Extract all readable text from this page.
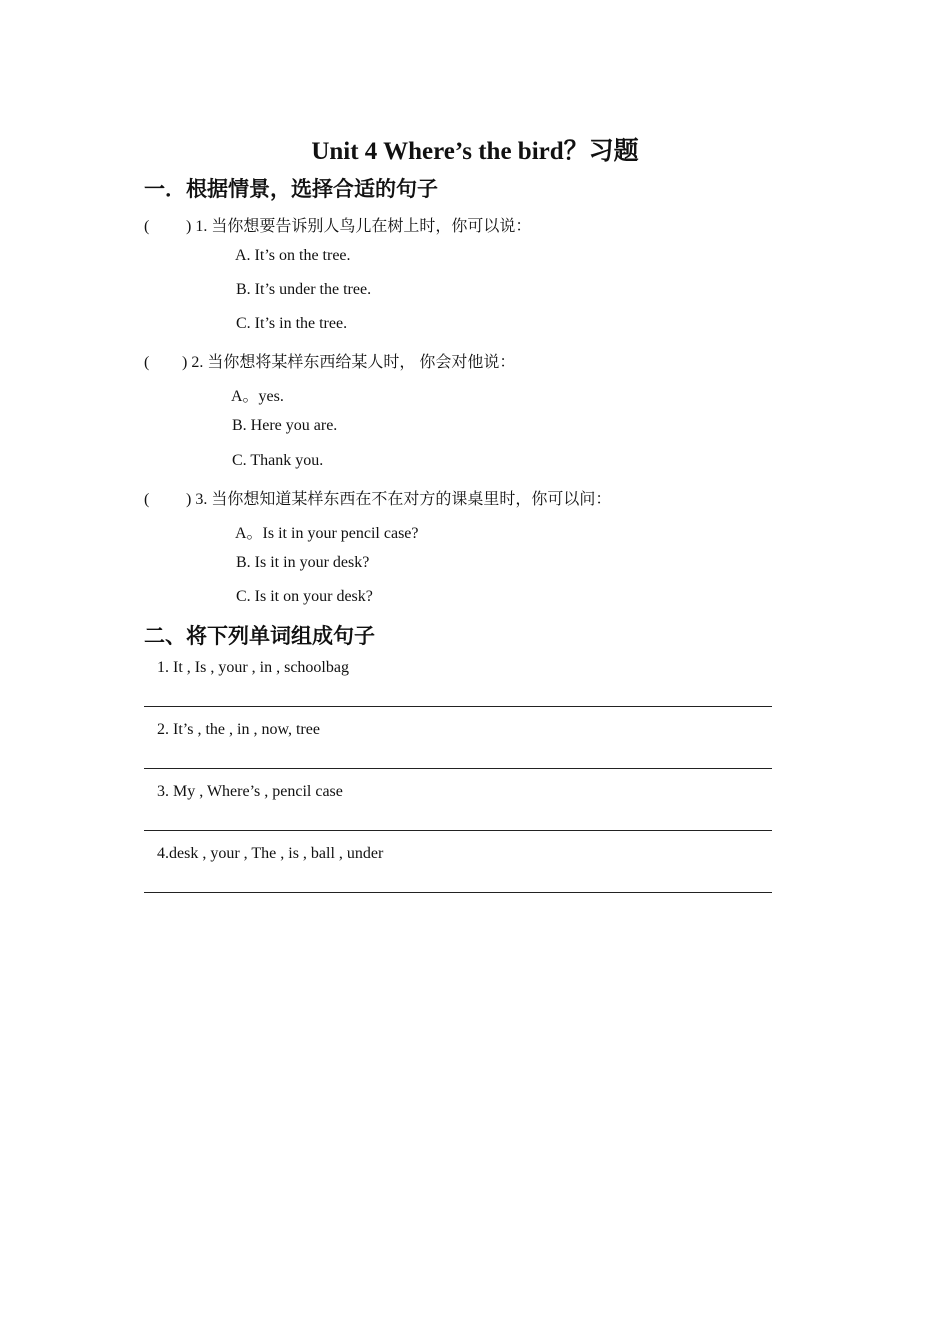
Unit 4 Where’s the bird？习题
一．根据情景，选择合适的句子
( ) 1. 当你想要告诉别人鸟儿在树上时，你可以说：
A. It’s on the tree.
B. It’s under the tree.
C. It’s in the tree.
( ) 2. 当你想将某样东西给某人时， 你会对他说：
A。yes.
B. Here you are.
C. Thank you.
( ) 3. 当你想知道某样东西在不在对方的课桌里时，你可以问：
A。Is it in your pencil case?
B. Is it in your desk?
C. Is it on your desk?
二、将下列单词组成句子
1. It , Is , your , in , schoolbag
2. It’s , the , in , now, tree
3. My , Where’s , pencil case
4.desk , your , The , is , ball , under
